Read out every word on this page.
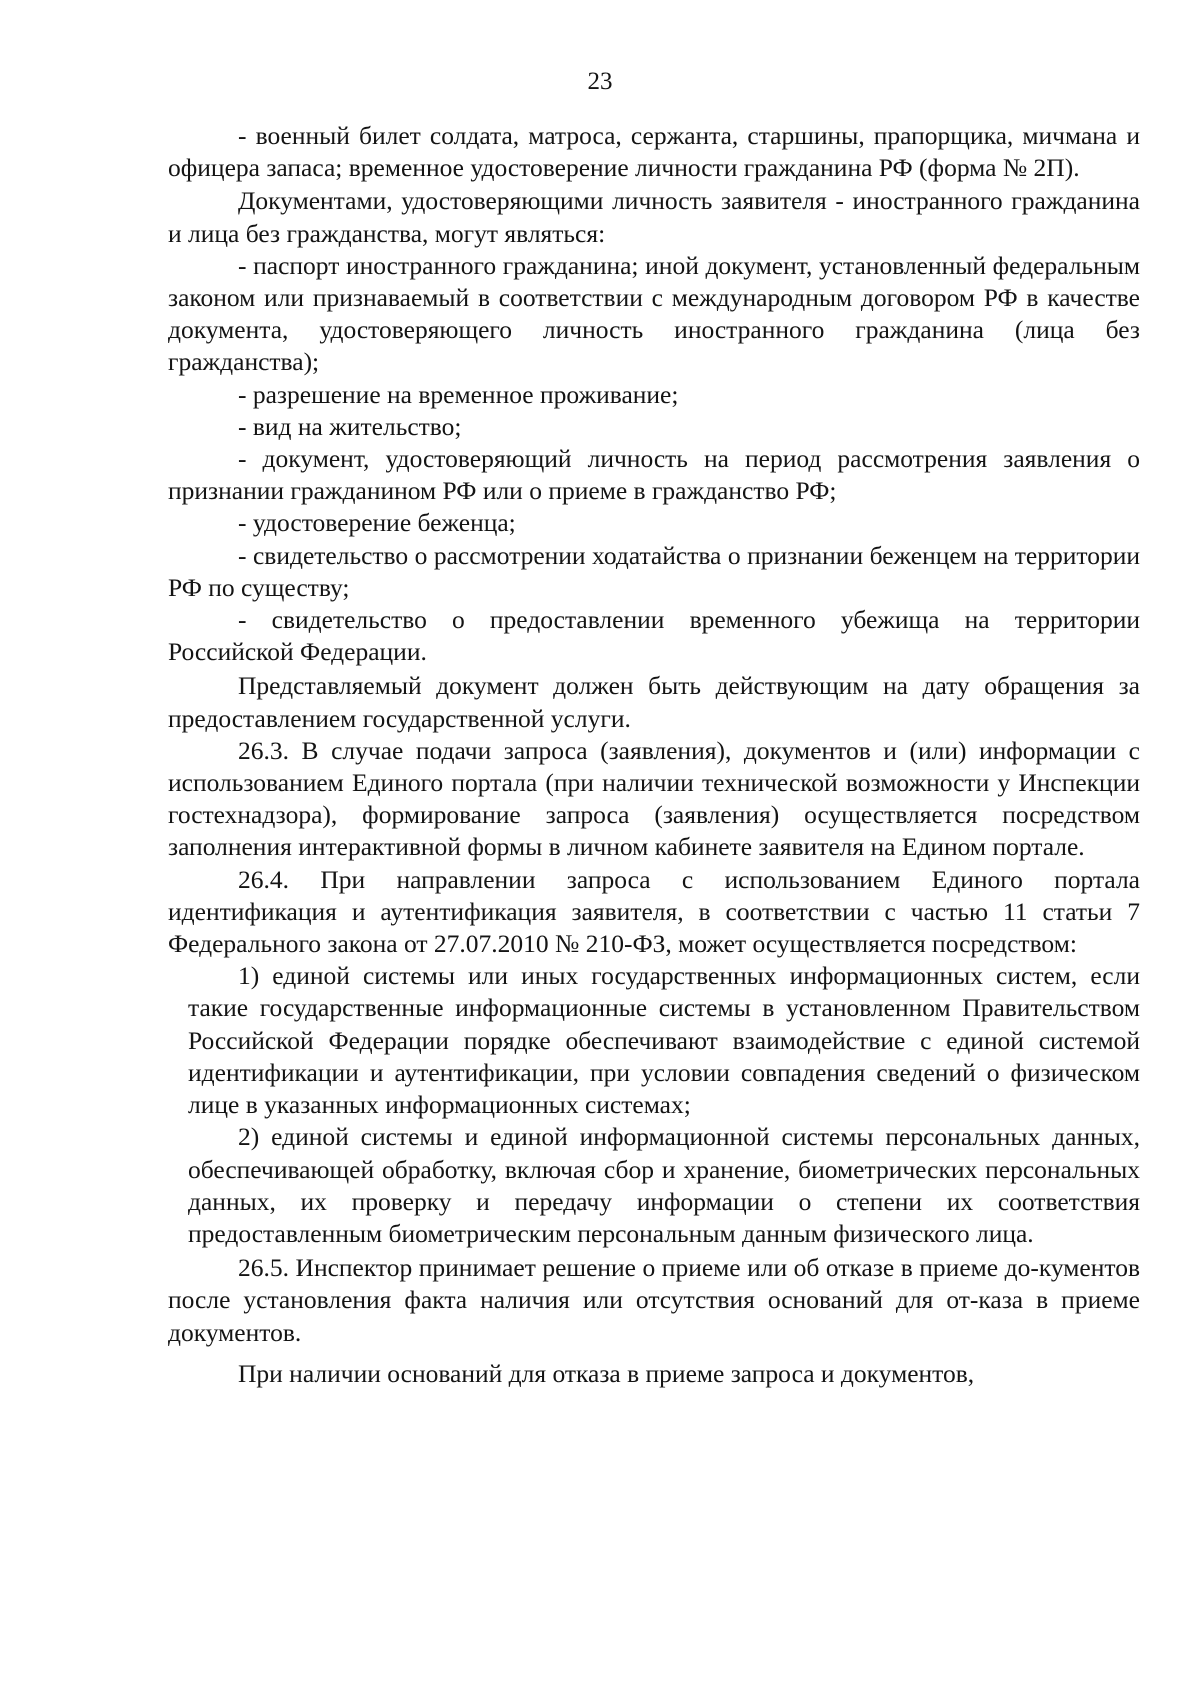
23

- военный билет солдата, матроса, сержанта, старшины, прапорщика, мичмана и офицера запаса; временное удостоверение личности гражданина РФ (форма № 2П).

Документами, удостоверяющими личность заявителя - иностранного гражданина и лица без гражданства, могут являться:

- паспорт иностранного гражданина; иной документ, установленный федеральным законом или признаваемый в соответствии с международным договором РФ в качестве документа, удостоверяющего личность иностранного гражданина (лица без гражданства);

- разрешение на временное проживание;

- вид на жительство;

- документ, удостоверяющий личность на период рассмотрения заявления о признании гражданином РФ или о приеме в гражданство РФ;

- удостоверение беженца;

- свидетельство о рассмотрении ходатайства о признании беженцем на территории РФ по существу;

- свидетельство о предоставлении временного убежища на территории Российской Федерации.

Представляемый документ должен быть действующим на дату обращения за предоставлением государственной услуги.

26.3. В случае подачи запроса (заявления), документов и (или) информации с использованием Единого портала (при наличии технической возможности у Инспекции гостехнадзора), формирование запроса (заявления) осуществляется посредством заполнения интерактивной формы в личном кабинете заявителя на Едином портале.

26.4. При направлении запроса с использованием Единого портала идентификация и аутентификация заявителя, в соответствии с частью 11 статьи 7 Федерального закона от 27.07.2010 № 210-ФЗ, может осуществляется посредством:

1) единой системы или иных государственных информационных систем, если такие государственные информационные системы в установленном Правительством Российской Федерации порядке обеспечивают взаимодействие с единой системой идентификации и аутентификации, при условии совпадения сведений о физическом лице в указанных информационных системах;

2) единой системы и единой информационной системы персональных данных, обеспечивающей обработку, включая сбор и хранение, биометрических персональных данных, их проверку и передачу информации о степени их соответствия предоставленным биометрическим персональным данным физического лица.

26.5. Инспектор принимает решение о приеме или об отказе в приеме до-кументов после установления факта наличия или отсутствия оснований для от-каза в приеме документов.

При наличии оснований для отказа в приеме запроса и документов,
